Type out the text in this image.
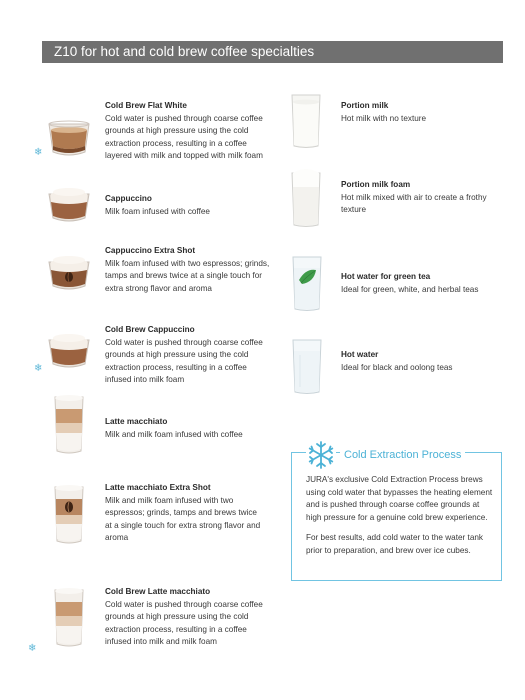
Z10 for hot and cold brew coffee specialties
❄
❄
❄
Cold Brew Flat White
Cold water is pushed through coarse coffee grounds at high pressure using the cold extraction process, resulting in a coffee layered with milk and topped with milk foam
Cappuccino
Milk foam infused with coffee
Cappuccino Extra Shot
Milk foam infused with two espressos; grinds, tamps and brews twice at a single touch for extra strong flavor and aroma
Cold Brew Cappuccino
Cold water is pushed through coarse coffee grounds at high pressure using the cold extraction process, resulting in a coffee infused into milk foam
Latte macchiato
Milk and milk foam infused with coffee
Latte macchiato Extra Shot
Milk and milk foam infused with two espressos; grinds, tamps and brews twice at a single touch for extra strong flavor and aroma
Cold Brew Latte macchiato
Cold water is pushed through coarse coffee grounds at high pressure using the cold extraction process, resulting in a coffee infused into milk and milk foam
Portion milk
Hot milk with no texture
Portion milk foam
Hot milk mixed with air to create a frothy texture
Hot water for green tea
Ideal for green, white, and herbal teas
Hot water
Ideal for black and oolong teas
Cold Extraction Process

JURA's exclusive Cold Extraction Process brews using cold water that bypasses the heating element and is pushed through coarse coffee grounds at high pressure for a genuine cold brew experience.

For best results, add cold water to the water tank prior to preparation, and brew over ice cubes.
